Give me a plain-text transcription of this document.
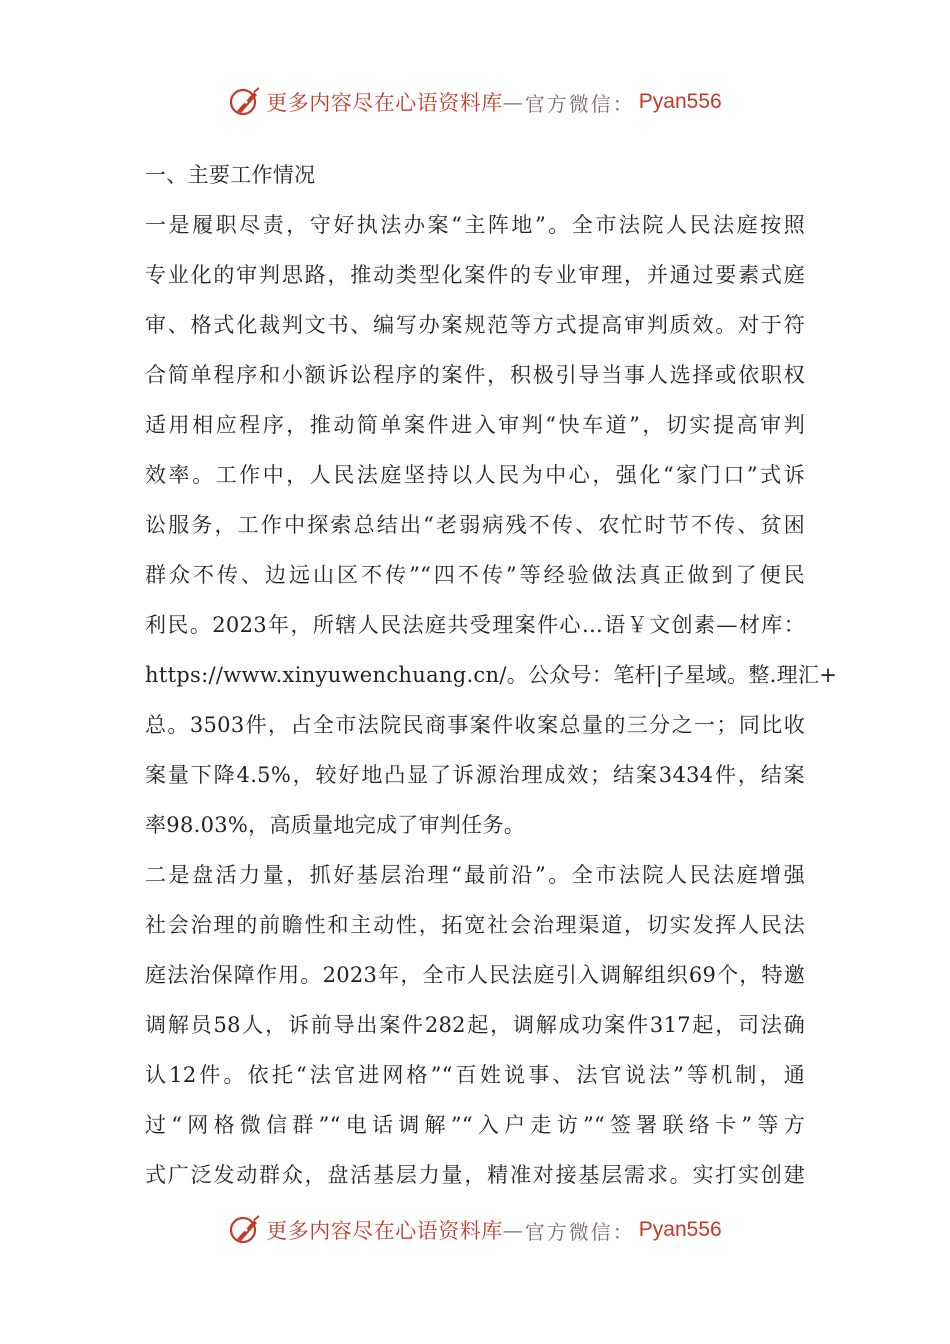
更多内容尽在心语资料库 — 官方微信： Pyan556
一、主要工作情况
一是履职尽责，守好执法办案“主阵地”。全市法院人民法庭按照
专业化的审判思路，推动类型化案件的专业审理，并通过要素式庭
审、格式化裁判文书、编写办案规范等方式提高审判质效。对于符
合简单程序和小额诉讼程序的案件，积极引导当事人选择或依职权
适用相应程序，推动简单案件进入审判“快车道”，切实提高审判
效率。工作中，人民法庭坚持以人民为中心，强化“家门口”式诉
讼服务，工作中探索总结出“老弱病残不传、农忙时节不传、贫困
群众不传、边远山区不传”“四不传”等经验做法真正做到了便民
利民。2023年，所辖人民法庭共受理案件心…语￥文创素—材库：
https://www.xinyuwenchuang.cn/。公众号：笔杆|子星域。整.理汇+
总。3503件，占全市法院民商事案件收案总量的三分之一；同比收
案量下降4.5%，较好地凸显了诉源治理成效；结案3434件，结案
率98.03%，高质量地完成了审判任务。
二是盘活力量，抓好基层治理“最前沿”。全市法院人民法庭增强
社会治理的前瞻性和主动性，拓宽社会治理渠道，切实发挥人民法
庭法治保障作用。2023年，全市人民法庭引入调解组织69个，特邀
调解员58人，诉前导出案件282起，调解成功案件317起，司法确
认12件。依托“法官进网格”“百姓说事、法官说法”等机制，通
过“网格微信群”“电话调解”“入户走访”“签署联络卡”等方
式广泛发动群众，盘活基层力量，精准对接基层需求。实打实创建
更多内容尽在心语资料库 — 官方微信： Pyan556
